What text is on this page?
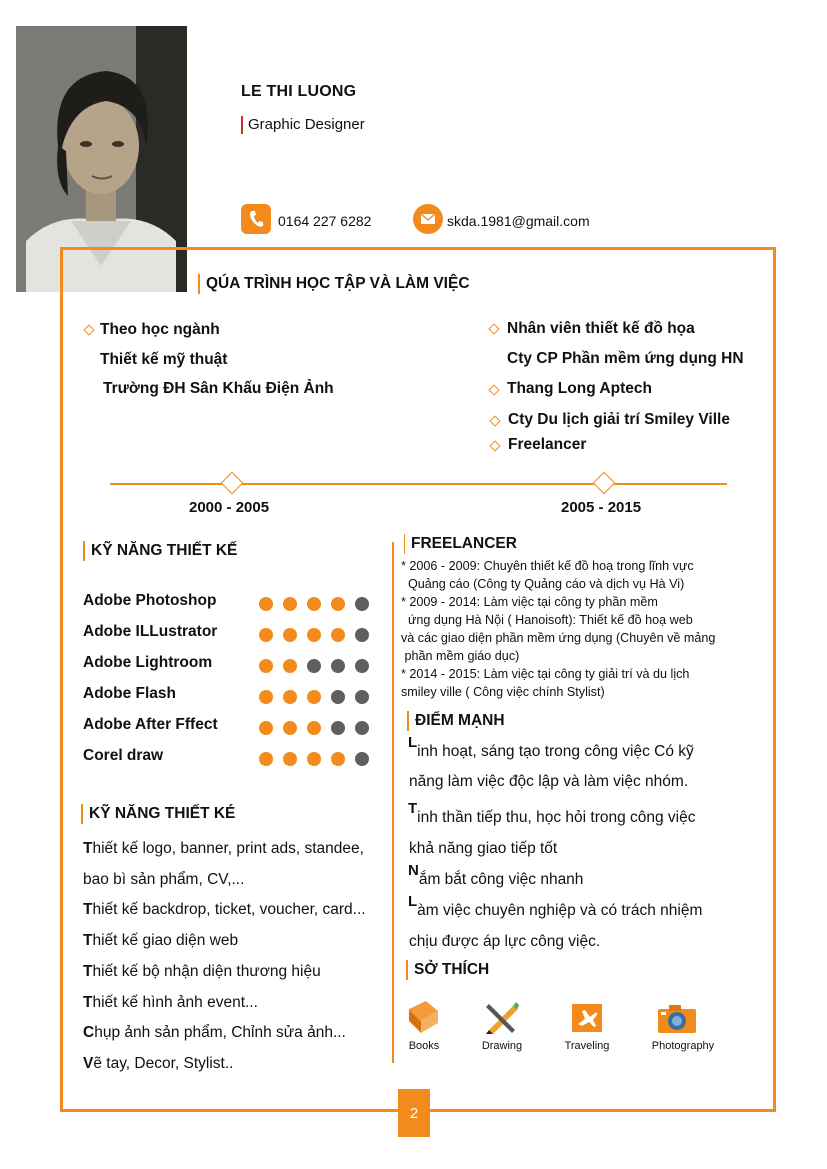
LE THI LUONG
Graphic Designer
0164 227 6282	skda.1981@gmail.com
QÚA TRÌNH HỌC TẬP VÀ LÀM VIỆC
Theo học ngành
Thiết kế mỹ thuật
Trường ĐH Sân Khấu Điện Ảnh
Nhân viên thiết kế đồ họa
Cty CP Phần mềm ứng dụng HN
Thang Long Aptech
Cty Du lịch giải trí Smiley Ville
Freelancer
2000 - 2005	2005 - 2015
KỸ NĂNG THIẾT KẾ
Adobe Photoshop
Adobe ILLustrator
Adobe Lightroom
Adobe Flash
Adobe After Fffect
Corel draw
KỸ NĂNG THIẾT KÉ
Thiết kế logo, banner, print ads, standee,
bao bì sản phẩm, CV,...
Thiết kế backdrop, ticket, voucher, card...
Thiết kế giao diện web
Thiết kế bộ nhận diện thương hiệu
Thiết kế hình ảnh event...
Chụp ảnh sản phẩm, Chỉnh sửa ảnh...
Vẽ tay, Decor, Stylist..
FREELANCER
* 2006 - 2009: Chuyên thiết kế đồ hoạ trong lĩnh vực
Quảng cáo (Công ty Quảng cáo và dịch vụ Hà Vi)
* 2009 - 2014: Làm việc tại công ty phần mềm
ứng dụng Hà Nội ( Hanoisoft): Thiết kế đồ hoạ web
và các giao diện phần mềm ứng dụng (Chuyên về mảng
phần mềm giáo dục)
* 2014 - 2015: Làm việc tại công ty giải trí và du lịch
smiley ville ( Công việc chính Stylist)
ĐIỂM MẠNH
Linh hoạt, sáng tạo trong công việc Có kỹ
năng làm việc độc lập và làm việc nhóm.
Tinh thần tiếp thu, học hỏi trong công việc
khả năng giao tiếp tốt
Nắm bắt công việc nhanh
Làm việc chuyên nghiệp và có trách nhiệm
chịu được áp lực công việc.
SỞ THÍCH
Books	Drawing	Traveling	Photography
2
